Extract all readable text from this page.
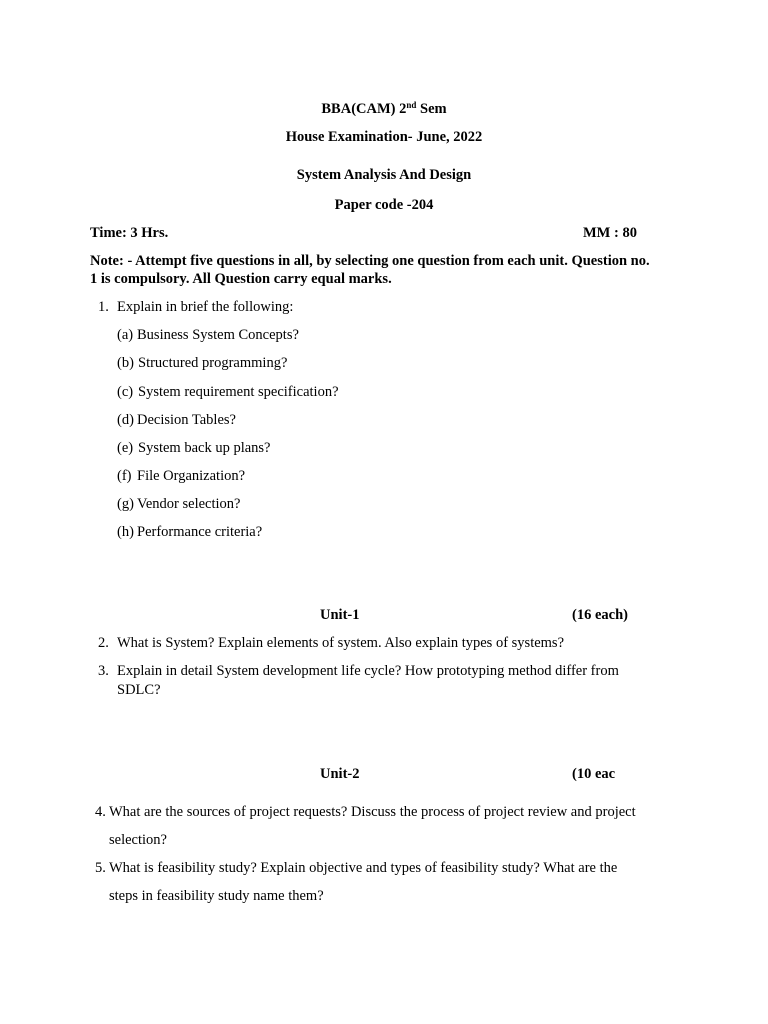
BBA(CAM) 2nd Sem
House Examination- June, 2022
System Analysis And Design
Paper code -204
Time: 3 Hrs.	MM : 80
Note: - Attempt five questions in all, by selecting one question from each unit. Question no.
1 is compulsory. All Question carry equal marks.
1. Explain in brief the following:
(a) Business System Concepts?
(b) Structured programming?
(c) System requirement specification?
(d) Decision Tables?
(e) System back up plans?
(f) File Organization?
(g) Vendor selection?
(h) Performance criteria?
Unit-1	(16 each)
2. What is System? Explain elements of system. Also explain types of systems?
3. Explain in detail System development life cycle? How prototyping method differ from
SDLC?
Unit-2	(10 eac
4. What are the sources of project requests? Discuss the process of project review and project
selection?
5. What is feasibility study? Explain objective and types of feasibility study? What are the
steps in feasibility study name them?
